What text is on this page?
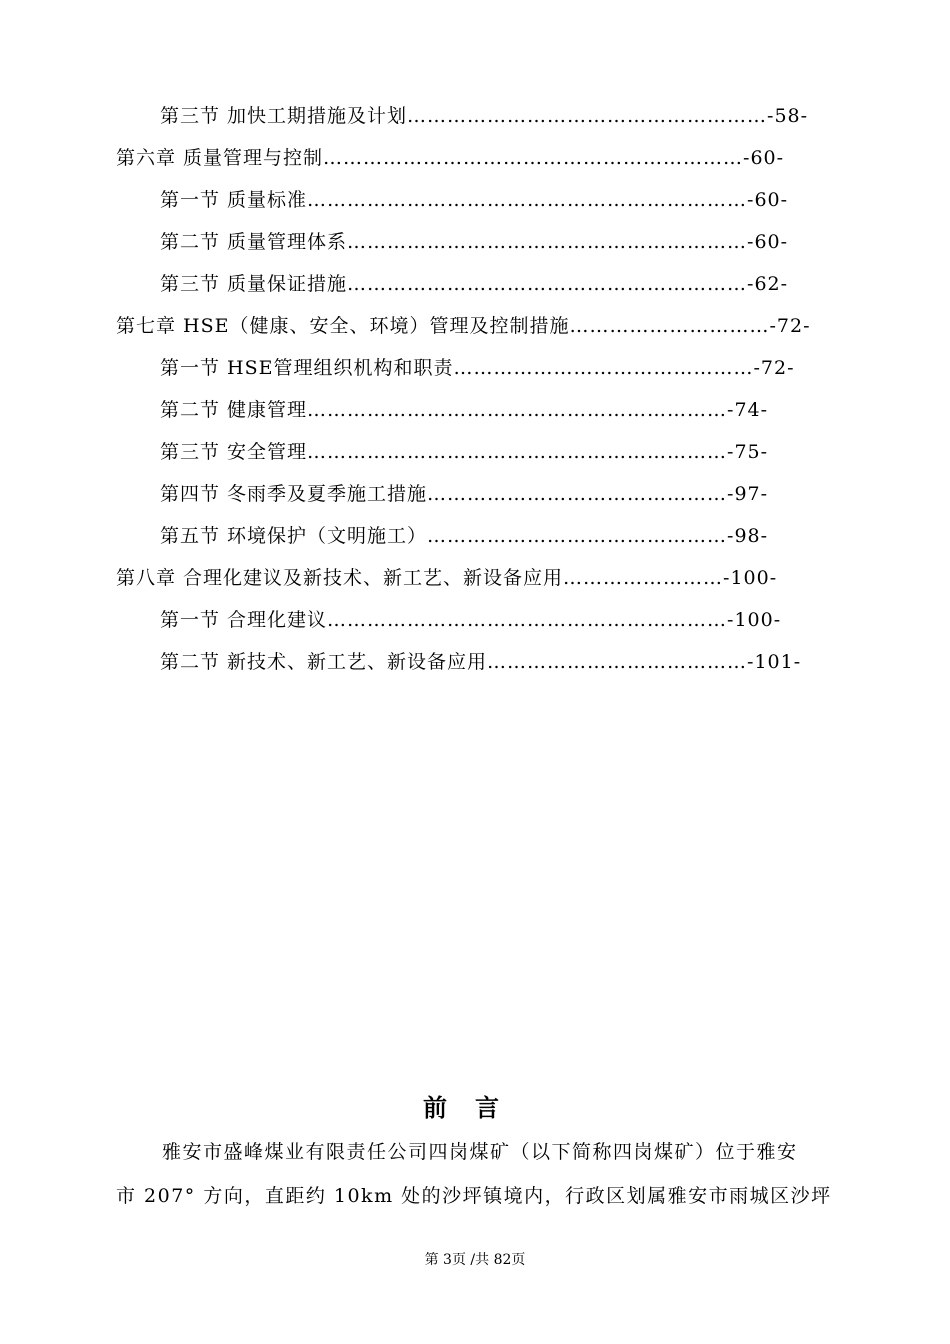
第三节 加快工期措施及计划………………………………………………-58-
第六章 质量管理与控制………………………………………………………-60-
第一节 质量标准…………………………………………………………-60-
第二节 质量管理体系……………………………………………………-60-
第三节 质量保证措施……………………………………………………-62-
第七章 HSE（健康、安全、环境）管理及控制措施…………………………-72-
第一节 HSE管理组织机构和职责………………………………………-72-
第二节 健康管理………………………………………………………-74-
第三节 安全管理………………………………………………………-75-
第四节 冬雨季及夏季施工措施………………………………………-97-
第五节 环境保护（文明施工）………………………………………-98-
第八章 合理化建议及新技术、新工艺、新设备应用……………………-100-
第一节 合理化建议……………………………………………………-100-
第二节 新技术、新工艺、新设备应用…………………………………-101-
前言
雅安市盛峰煤业有限责任公司四岗煤矿（以下简称四岗煤矿）位于雅安
市 207° 方向，直距约 10km 处的沙坪镇境内，行政区划属雅安市雨城区沙坪
第 3页 /共 82页
